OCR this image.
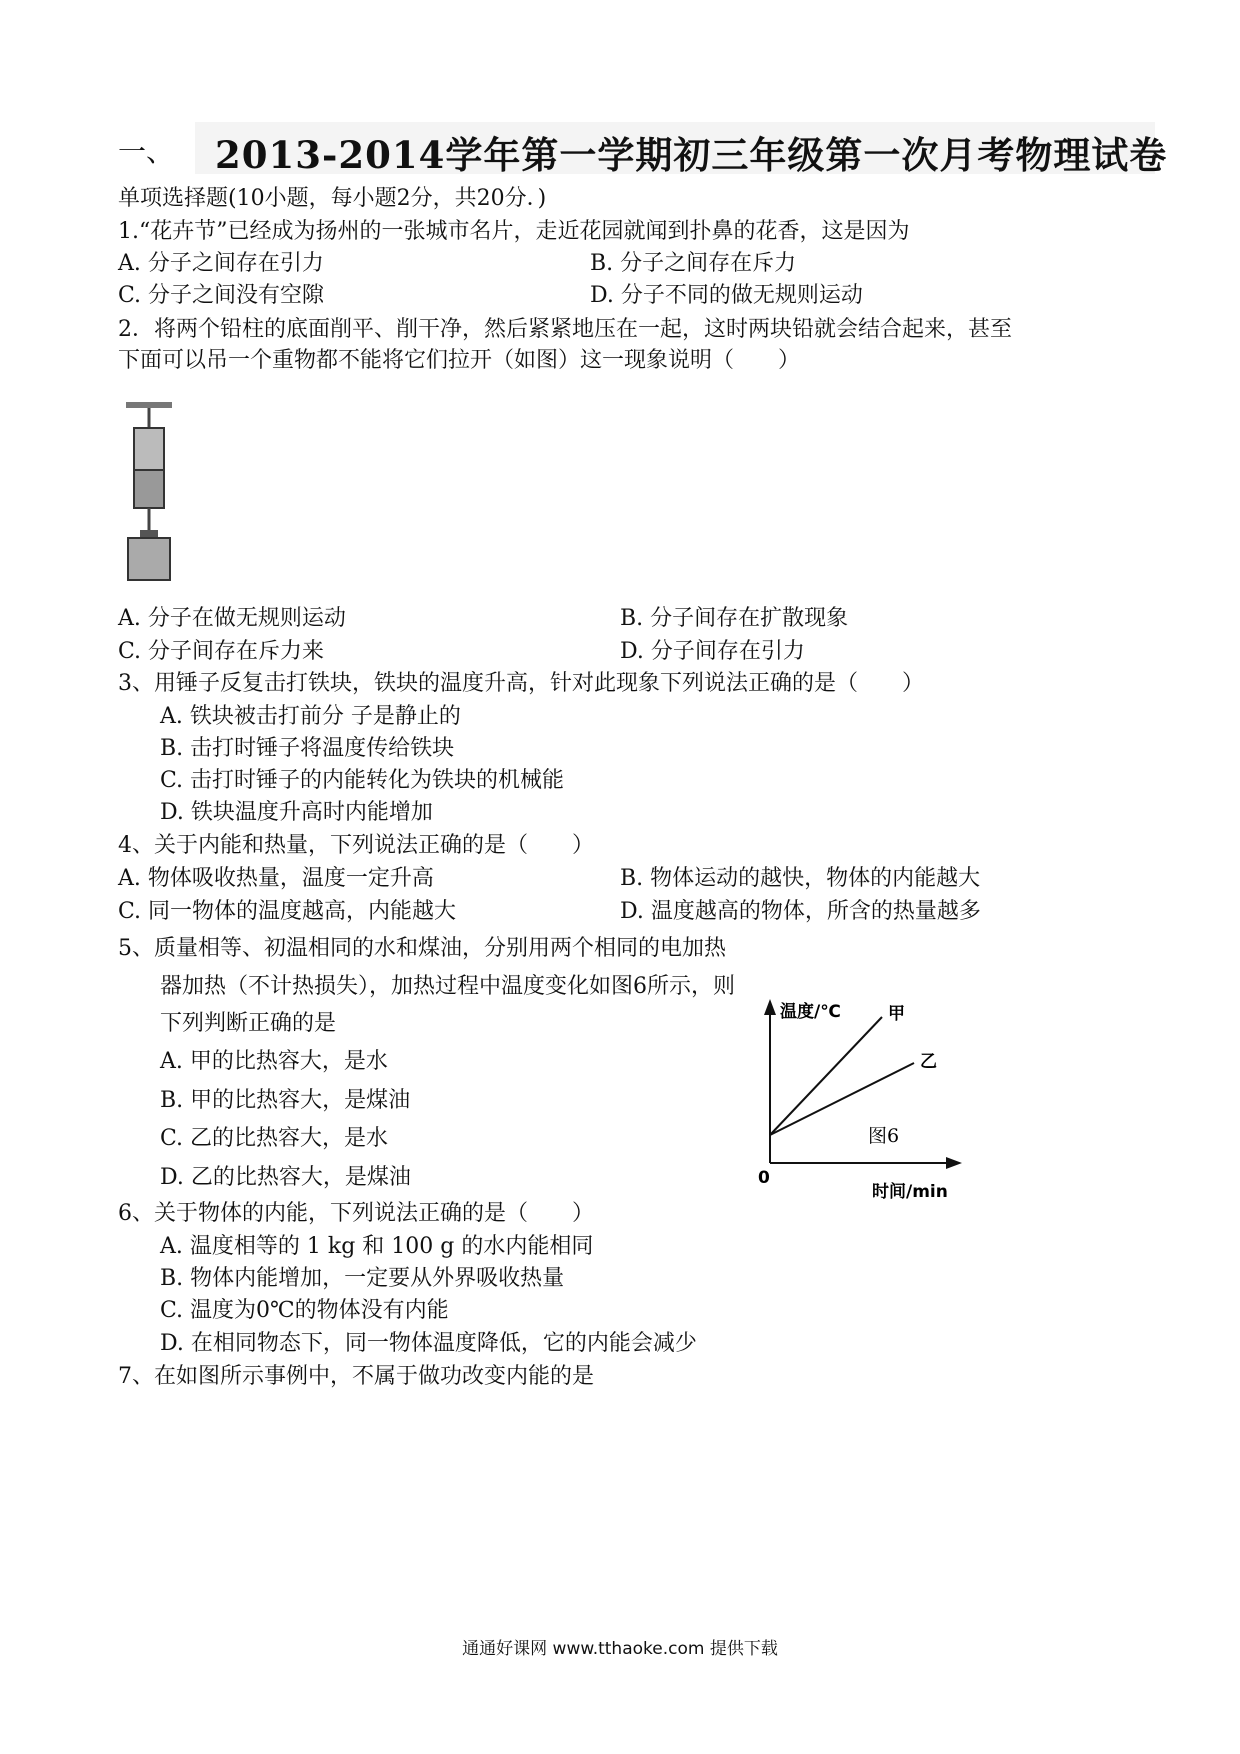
一、 2013-2014学年第一学期初三年级第一次月考物理试卷
单项选择题(10小题，每小题2分，共20分．)
1.“花卉节”已经成为扬州的一张城市名片，走近花园就闻到扑鼻的花香，这是因为
A. 分子之间存在引力	B. 分子之间存在斥力
C. 分子之间没有空隙	D. 分子不同的做无规则运动
2．将两个铅柱的底面削平、削干净，然后紧紧地压在一起，这时两块铅就会结合起来，甚至
下面可以吊一个重物都不能将它们拉开（如图）这一现象说明（　　）
A. 分子在做无规则运动	B. 分子间存在扩散现象
C. 分子间存在斥力来	D. 分子间存在引力
3、用锤子反复击打铁块，铁块的温度升高，针对此现象下列说法正确的是（　　）
A. 铁块被击打前分 子是静止的
B. 击打时锤子将温度传给铁块
C. 击打时锤子的内能转化为铁块的机械能
D. 铁块温度升高时内能增加
4、关于内能和热量，下列说法正确的是（　　）
A. 物体吸收热量，温度一定升高	B. 物体运动的越快，物体的内能越大
C. 同一物体的温度越高，内能越大	D. 温度越高的物体，所含的热量越多
5、质量相等、初温相同的水和煤油，分别用两个相同的电加热
器加热（不计热损失），加热过程中温度变化如图6所示，则
下列判断正确的是
A. 甲的比热容大，是水
B. 甲的比热容大，是煤油
C. 乙的比热容大，是水
D. 乙的比热容大，是煤油
温度/℃	甲
乙
图6
0
时间/min
6、关于物体的内能，下列说法正确的是（　　）
A. 温度相等的 1 kg 和 100 g 的水内能相同
B. 物体内能增加，一定要从外界吸收热量
C. 温度为0℃的物体没有内能
D. 在相同物态下，同一物体温度降低，它的内能会减少
7、在如图所示事例中，不属于做功改变内能的是
通通好课网 www.tthaoke.com 提供下载
